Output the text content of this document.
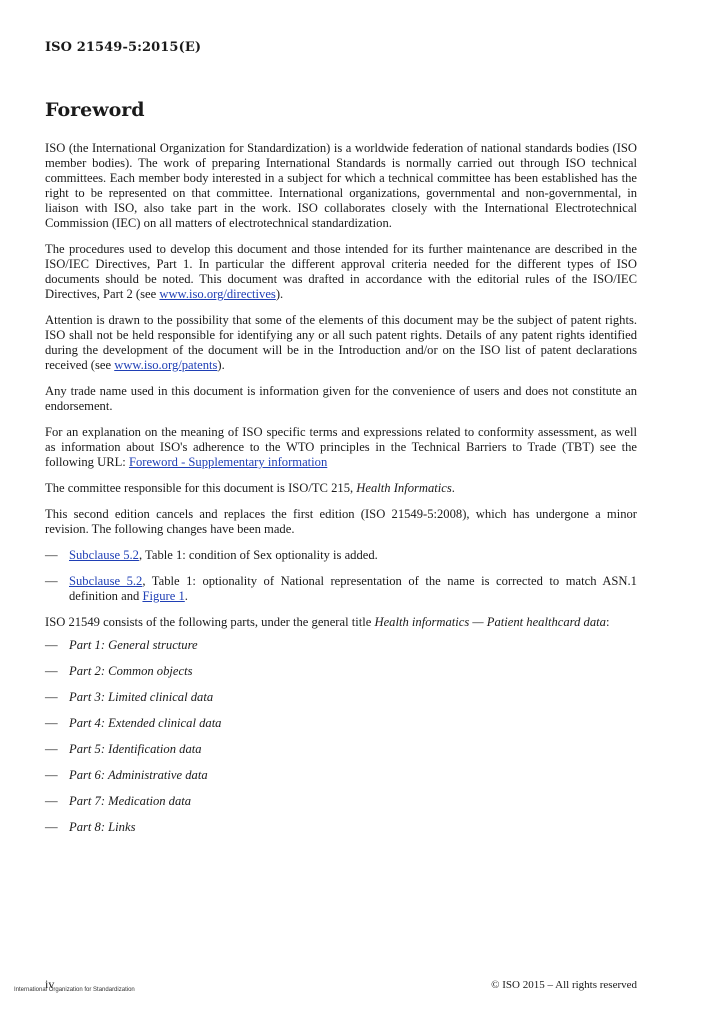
ISO 21549-5:2015(E)
Foreword

ISO (the International Organization for Standardization) is a worldwide federation of national standards bodies (ISO member bodies). The work of preparing International Standards is normally carried out through ISO technical committees. Each member body interested in a subject for which a technical committee has been established has the right to be represented on that committee. International organizations, governmental and non-governmental, in liaison with ISO, also take part in the work. ISO collaborates closely with the International Electrotechnical Commission (IEC) on all matters of electrotechnical standardization.

The procedures used to develop this document and those intended for its further maintenance are described in the ISO/IEC Directives, Part 1. In particular the different approval criteria needed for the different types of ISO documents should be noted. This document was drafted in accordance with the editorial rules of the ISO/IEC Directives, Part 2 (see www.iso.org/directives).

Attention is drawn to the possibility that some of the elements of this document may be the subject of patent rights. ISO shall not be held responsible for identifying any or all such patent rights. Details of any patent rights identified during the development of the document will be in the Introduction and/or on the ISO list of patent declarations received (see www.iso.org/patents).

Any trade name used in this document is information given for the convenience of users and does not constitute an endorsement.

For an explanation on the meaning of ISO specific terms and expressions related to conformity assessment, as well as information about ISO's adherence to the WTO principles in the Technical Barriers to Trade (TBT) see the following URL: Foreword - Supplementary information

The committee responsible for this document is ISO/TC 215, Health Informatics.

This second edition cancels and replaces the first edition (ISO 21549-5:2008), which has undergone a minor revision. The following changes have been made.

— Subclause 5.2, Table 1: condition of Sex optionality is added.
— Subclause 5.2, Table 1: optionality of National representation of the name is corrected to match ASN.1 definition and Figure 1.

ISO 21549 consists of the following parts, under the general title Health informatics — Patient healthcard data:

— Part 1: General structure
— Part 2: Common objects
— Part 3: Limited clinical data
— Part 4: Extended clinical data
— Part 5: Identification data
— Part 6: Administrative data
— Part 7: Medication data
— Part 8: Links
iv
International Organization for Standardization	© ISO 2015 – All rights reserved
